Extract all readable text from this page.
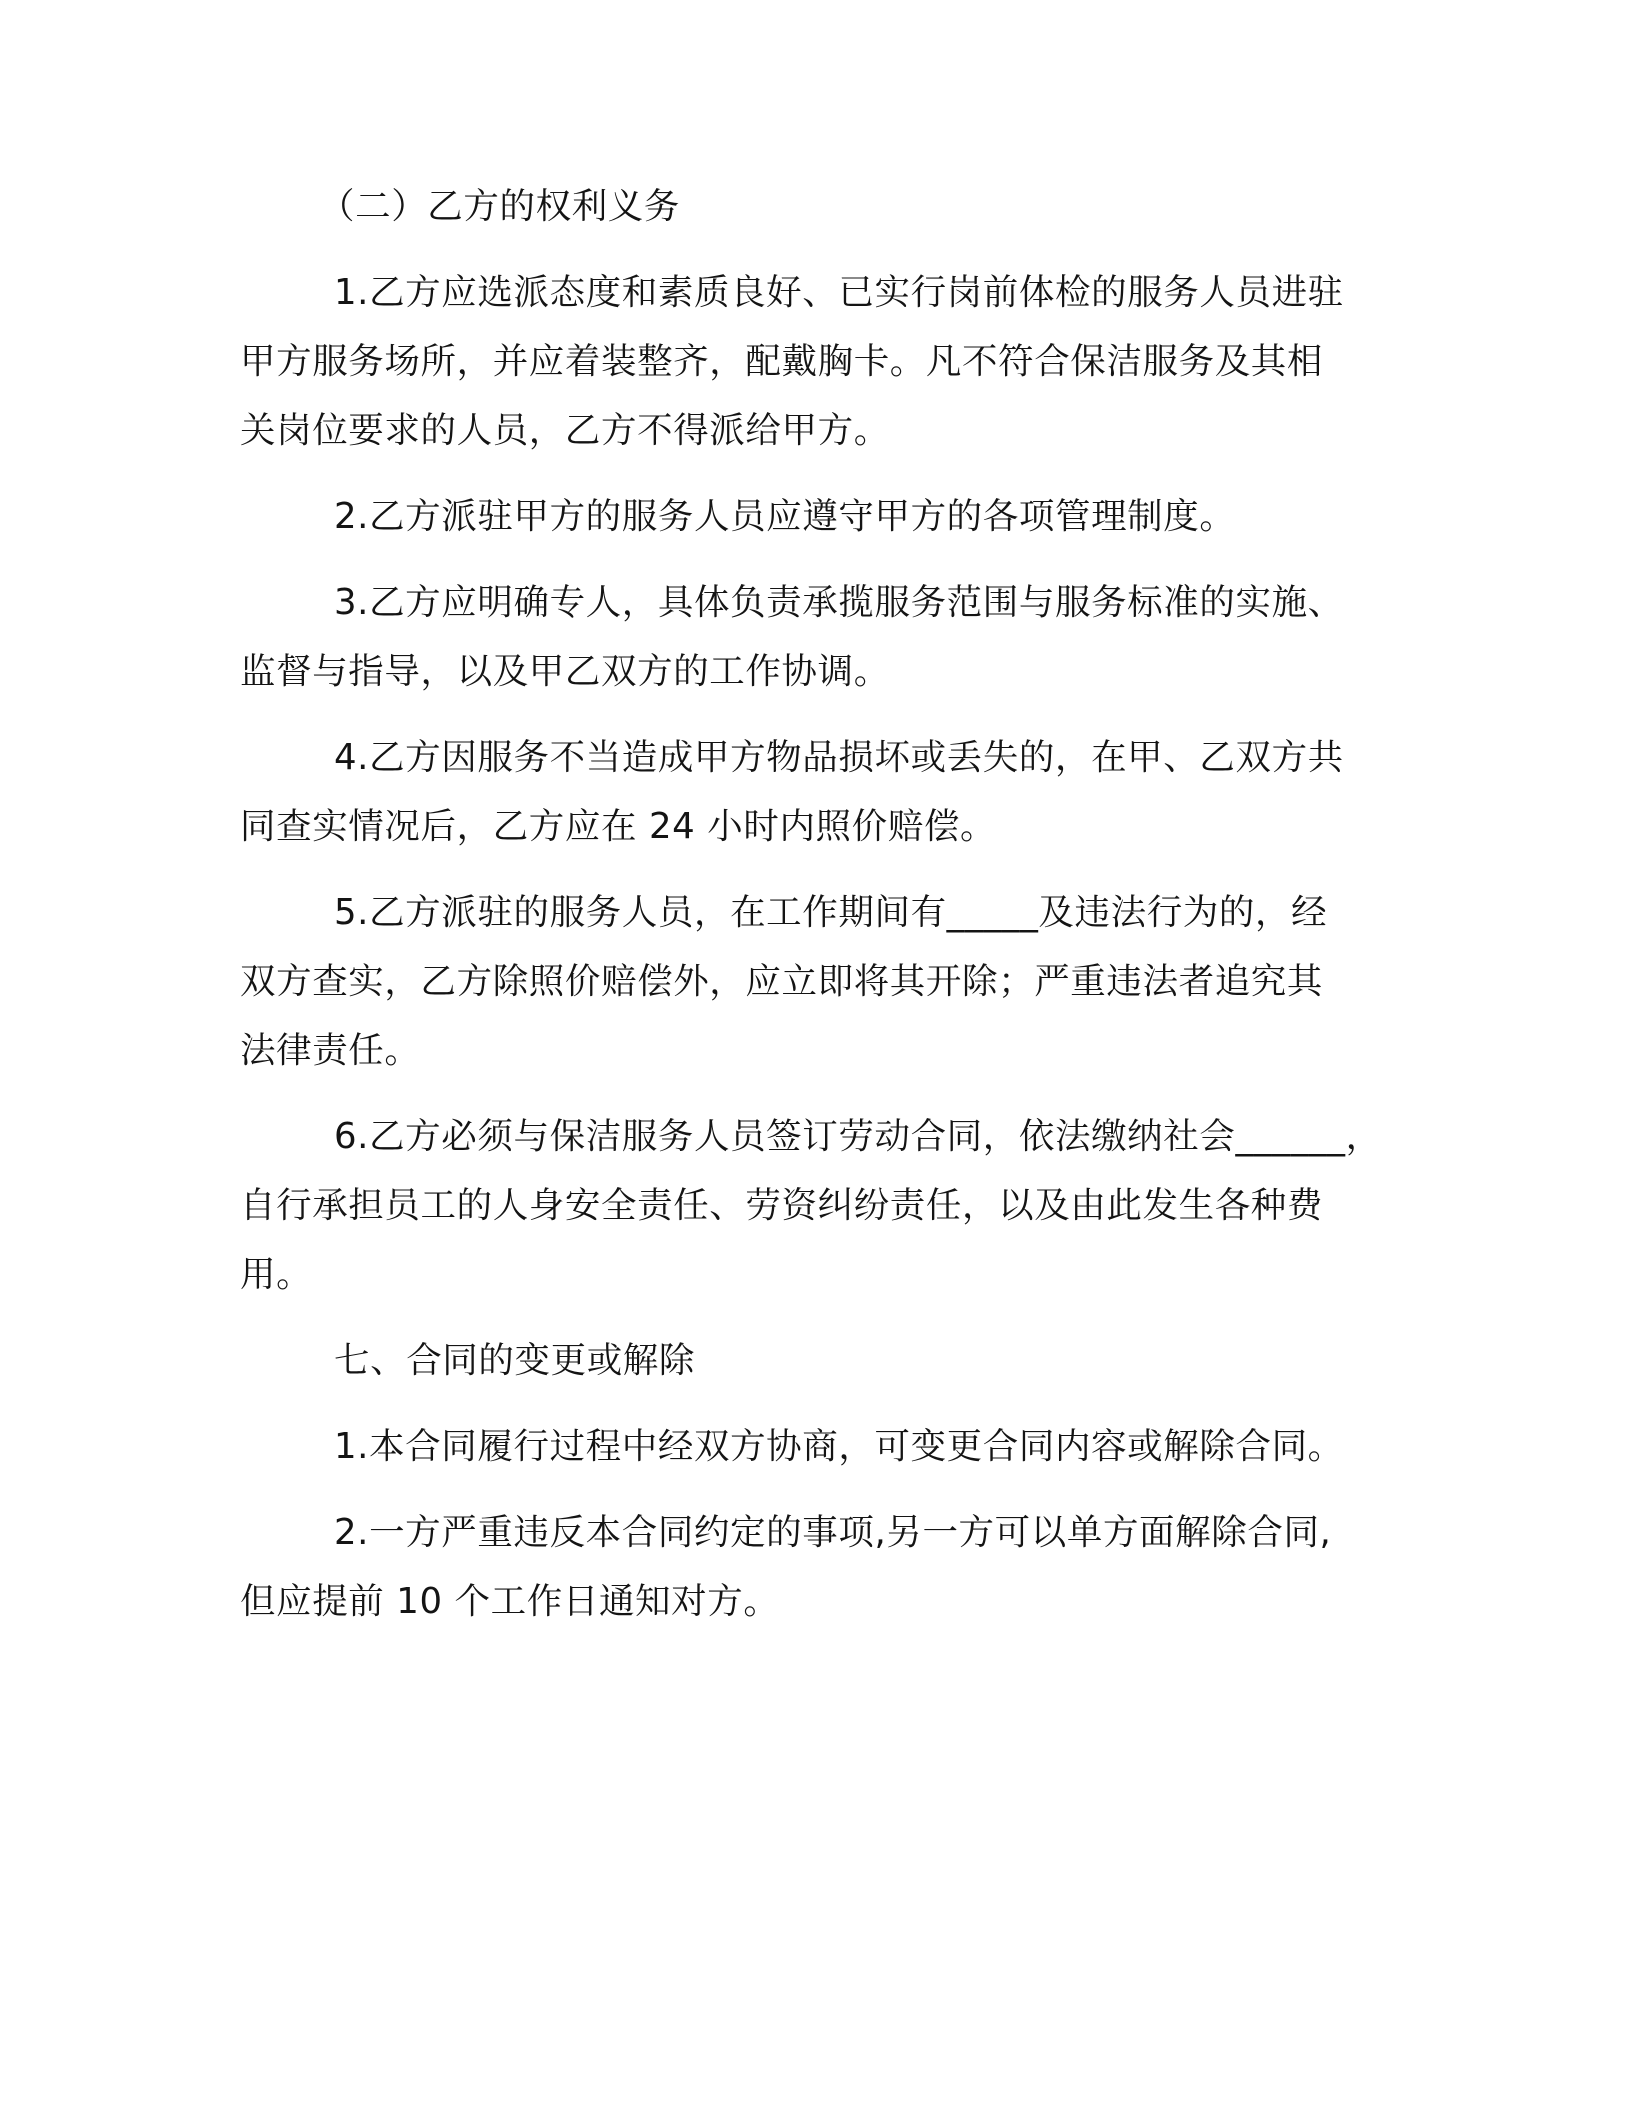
（二）乙方的权利义务
1.乙方应选派态度和素质良好、已实行岗前体检的服务人员进驻
甲方服务场所，并应着装整齐，配戴胸卡。凡不符合保洁服务及其相
关岗位要求的人员，乙方不得派给甲方。
2.乙方派驻甲方的服务人员应遵守甲方的各项管理制度。
3.乙方应明确专人，具体负责承揽服务范围与服务标准的实施、
监督与指导，以及甲乙双方的工作协调。
4.乙方因服务不当造成甲方物品损坏或丢失的，在甲、乙双方共
同查实情况后，乙方应在 24 小时内照价赔偿。
5.乙方派驻的服务人员，在工作期间有_____及违法行为的，经
双方查实，乙方除照价赔偿外，应立即将其开除；严重违法者追究其
法律责任。
6.乙方必须与保洁服务人员签订劳动合同，依法缴纳社会______，
自行承担员工的人身安全责任、劳资纠纷责任，以及由此发生各种费
用。
七、合同的变更或解除
1.本合同履行过程中经双方协商，可变更合同内容或解除合同。
2.一方严重违反本合同约定的事项,另一方可以单方面解除合同,
但应提前 10 个工作日通知对方。
